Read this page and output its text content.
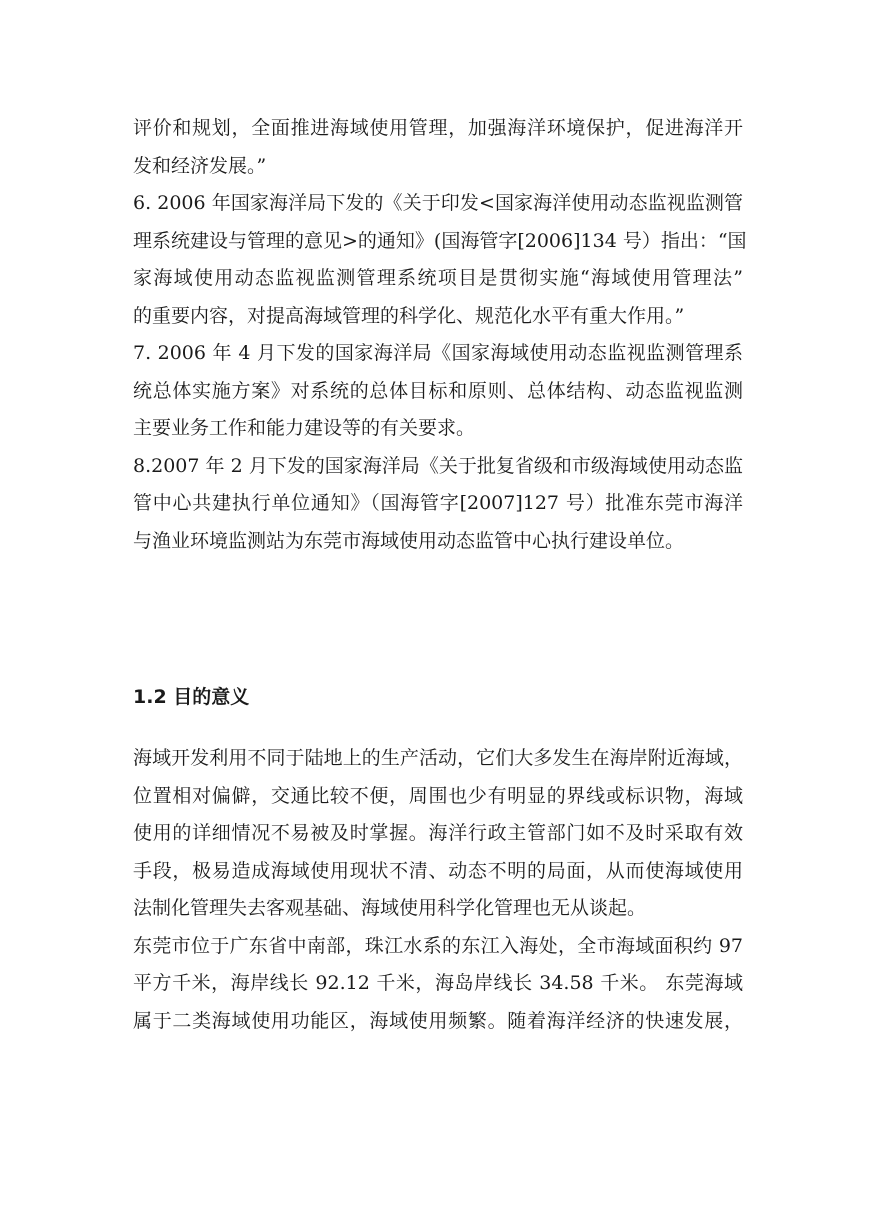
评价和规划，全面推进海域使用管理，加强海洋环境保护，促进海洋开
发和经济发展。”
6. 2006 年国家海洋局下发的《关于印发<国家海洋使用动态监视监测管
理系统建设与管理的意见>的通知》(国海管字[2006]134 号）指出：“国
家海域使用动态监视监测管理系统项目是贯彻实施“海域使用管理法”
的重要内容，对提高海域管理的科学化、规范化水平有重大作用。”
7. 2006 年 4 月下发的国家海洋局《国家海域使用动态监视监测管理系
统总体实施方案》对系统的总体目标和原则、总体结构、动态监视监测
主要业务工作和能力建设等的有关要求。
8.2007 年 2 月下发的国家海洋局《关于批复省级和市级海域使用动态监
管中心共建执行单位通知》（国海管字[2007]127 号）批准东莞市海洋
与渔业环境监测站为东莞市海域使用动态监管中心执行建设单位。
1.2 目的意义
海域开发利用不同于陆地上的生产活动，它们大多发生在海岸附近海域，
位置相对偏僻，交通比较不便，周围也少有明显的界线或标识物，海域
使用的详细情况不易被及时掌握。海洋行政主管部门如不及时采取有效
手段，极易造成海域使用现状不清、动态不明的局面，从而使海域使用
法制化管理失去客观基础、海域使用科学化管理也无从谈起。
东莞市位于广东省中南部，珠江水系的东江入海处，全市海域面积约 97
平方千米，海岸线长 92.12 千米，海岛岸线长 34.58 千米。 东莞海域
属于二类海域使用功能区，海域使用频繁。随着海洋经济的快速发展，
